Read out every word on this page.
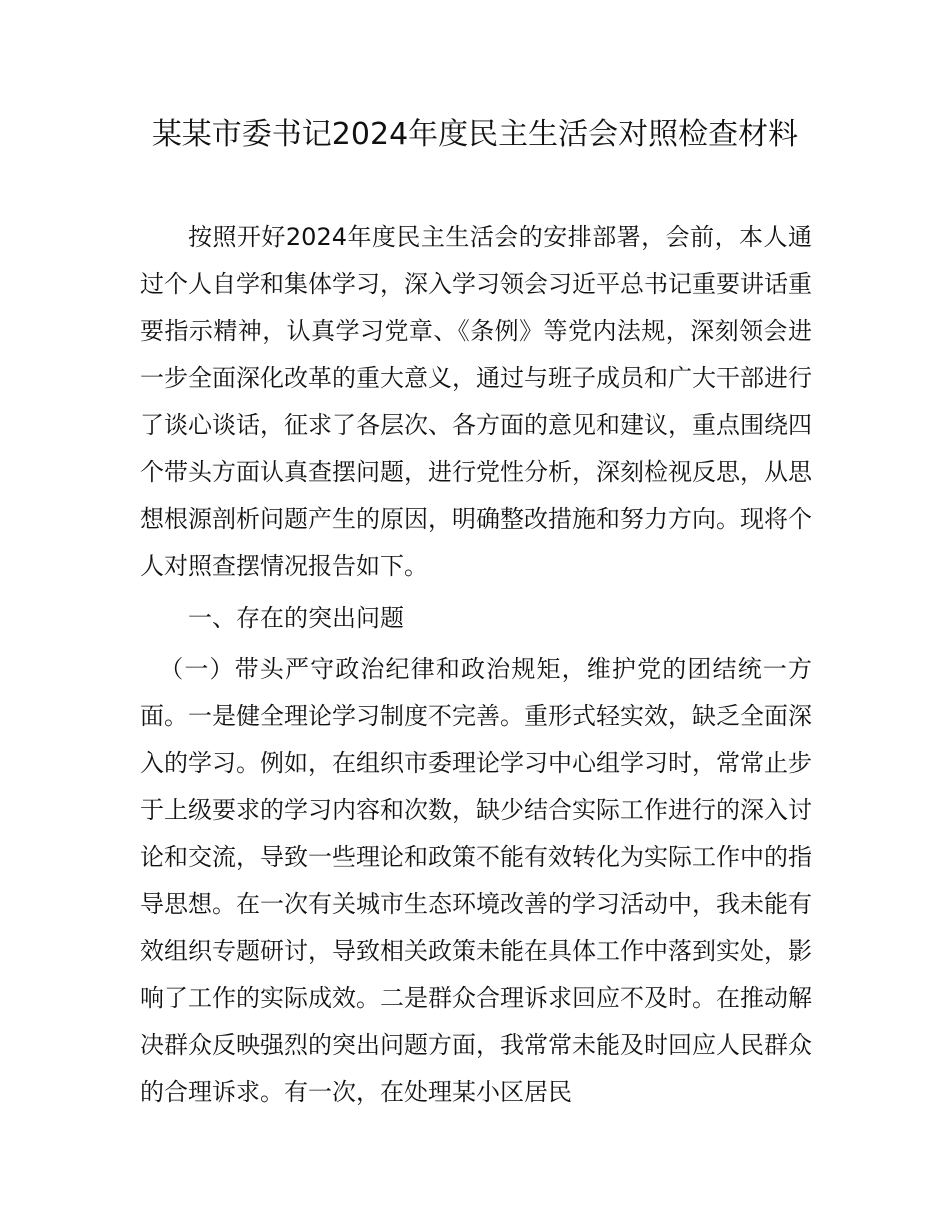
某某市委书记2024年度民主生活会对照检查材料

按照开好2024年度民主生活会的安排部署，会前，本人通过个人自学和集体学习，深入学习领会习近平总书记重要讲话重要指示精神，认真学习党章、《条例》等党内法规，深刻领会进一步全面深化改革的重大意义，通过与班子成员和广大干部进行了谈心谈话，征求了各层次、各方面的意见和建议，重点围绕四个带头方面认真查摆问题，进行党性分析，深刻检视反思，从思想根源剖析问题产生的原因，明确整改措施和努力方向。现将个人对照查摆情况报告如下。

一、存在的突出问题

（一）带头严守政治纪律和政治规矩，维护党的团结统一方面。一是健全理论学习制度不完善。重形式轻实效，缺乏全面深入的学习。例如，在组织市委理论学习中心组学习时，常常止步于上级要求的学习内容和次数，缺少结合实际工作进行的深入讨论和交流，导致一些理论和政策不能有效转化为实际工作中的指导思想。在一次有关城市生态环境改善的学习活动中，我未能有效组织专题研讨，导致相关政策未能在具体工作中落到实处，影响了工作的实际成效。二是群众合理诉求回应不及时。在推动解决群众反映强烈的突出问题方面，我常常未能及时回应人民群众的合理诉求。有一次，在处理某小区居民
